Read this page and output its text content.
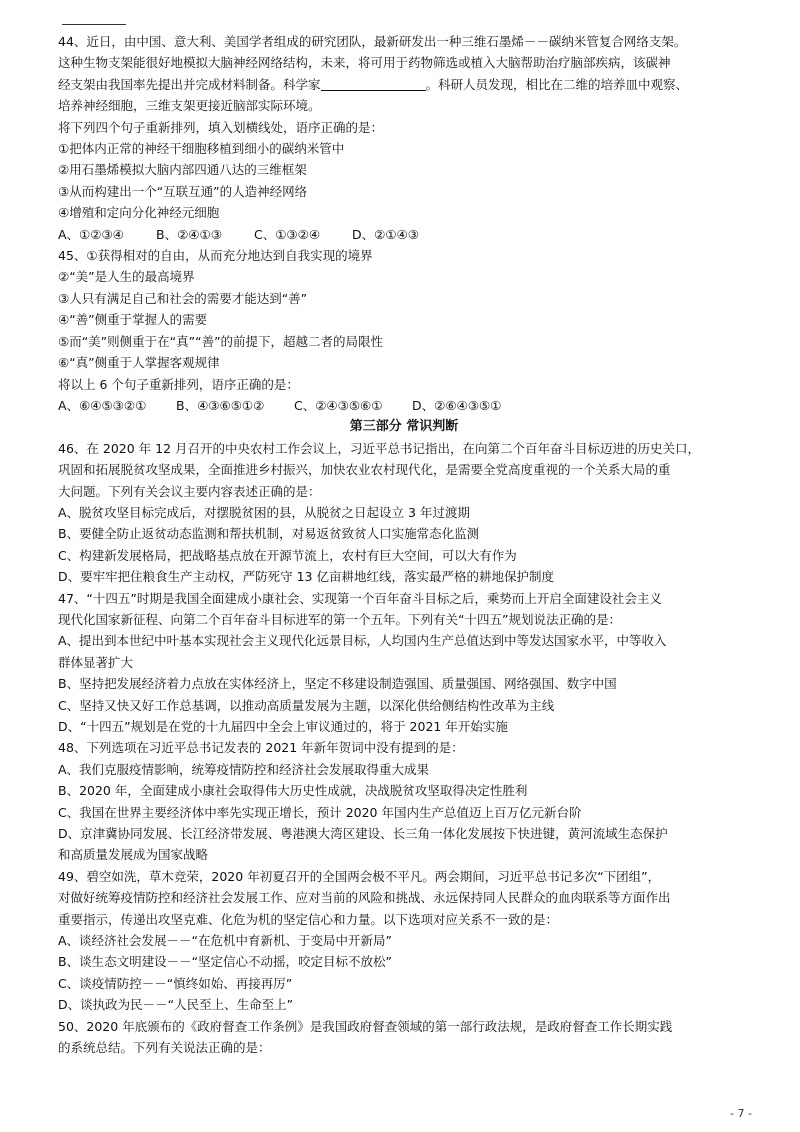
44、近日，由中国、意大利、美国学者组成的研究团队，最新研发出一种三维石墨烯－－碳纳米管复合网络支架。
这种生物支架能很好地模拟大脑神经网络结构，未来，将可用于药物筛选或植入大脑帮助治疗脑部疾病，该碳神
经支架由我国率先提出并完成材料制备。科学家	。科研人员发现，相比在二维的培养皿中观察、
培养神经细胞，三维支架更接近脑部实际环境。
将下列四个句子重新排列，填入划横线处，语序正确的是：
①把体内正常的神经干细胞移植到细小的碳纳米管中
②用石墨烯模拟大脑内部四通八达的三维框架
③从而构建出一个“互联互通”的人造神经网络
④增殖和定向分化神经元细胞
A、①②③④	B、②④①③	C、①③②④	D、②①④③
45、①获得相对的自由，从而充分地达到自我实现的境界
②“美”是人生的最高境界
③人只有满足自己和社会的需要才能达到“善”
④“善”侧重于掌握人的需要
⑤而“美”则侧重于在“真”“善”的前提下，超越二者的局限性
⑥“真”侧重于人掌握客观规律
将以上 6 个句子重新排列，语序正确的是：
A、⑥④⑤③②①	B、④③⑥⑤①②	C、②④③⑤⑥①	D、②⑥④③⑤①
第三部分 常识判断
46、在 2020 年 12 月召开的中央农村工作会议上，习近平总书记指出，在向第二个百年奋斗目标迈进的历史关口，
巩固和拓展脱贫攻坚成果，全面推进乡村振兴，加快农业农村现代化，是需要全党高度重视的一个关系大局的重
大问题。下列有关会议主要内容表述正确的是：
A、脱贫攻坚目标完成后，对摆脱贫困的县，从脱贫之日起设立 3 年过渡期
B、要健全防止返贫动态监测和帮扶机制，对易返贫致贫人口实施常态化监测
C、构建新发展格局，把战略基点放在开源节流上，农村有巨大空间，可以大有作为
D、要牢牢把住粮食生产主动权，严防死守 13 亿亩耕地红线，落实最严格的耕地保护制度
47、“十四五”时期是我国全面建成小康社会、实现第一个百年奋斗目标之后，乘势而上开启全面建设社会主义
现代化国家新征程、向第二个百年奋斗目标进军的第一个五年。下列有关“十四五”规划说法正确的是：
A、提出到本世纪中叶基本实现社会主义现代化远景目标，人均国内生产总值达到中等发达国家水平，中等收入
群体显著扩大
B、坚持把发展经济着力点放在实体经济上，坚定不移建设制造强国、质量强国、网络强国、数字中国
C、坚持又快又好工作总基调，以推动高质量发展为主题，以深化供给侧结构性改革为主线
D、“十四五”规划是在党的十九届四中全会上审议通过的，将于 2021 年开始实施
48、下列选项在习近平总书记发表的 2021 年新年贺词中没有提到的是：
A、我们克服疫情影响，统筹疫情防控和经济社会发展取得重大成果
B、2020 年，全面建成小康社会取得伟大历史性成就，决战脱贫攻坚取得决定性胜利
C、我国在世界主要经济体中率先实现正增长，预计 2020 年国内生产总值迈上百万亿元新台阶
D、京津冀协同发展、长江经济带发展、粤港澳大湾区建设、长三角一体化发展按下快进键，黄河流域生态保护
和高质量发展成为国家战略
49、碧空如洗，草木竞荣，2020 年初夏召开的全国两会极不平凡。两会期间，习近平总书记多次“下团组”，
对做好统筹疫情防控和经济社会发展工作、应对当前的风险和挑战、永远保持同人民群众的血肉联系等方面作出
重要指示，传递出攻坚克难、化危为机的坚定信心和力量。以下选项对应关系不一致的是：
A、谈经济社会发展－－“在危机中育新机、于变局中开新局”
B、谈生态文明建设－－“坚定信心不动摇，咬定目标不放松”
C、谈疫情防控－－“慎终如始、再接再厉”
D、谈执政为民－－“人民至上、生命至上”
50、2020 年底颁布的《政府督查工作条例》是我国政府督查领域的第一部行政法规，是政府督查工作长期实践
的系统总结。下列有关说法正确的是：
- 7 -
